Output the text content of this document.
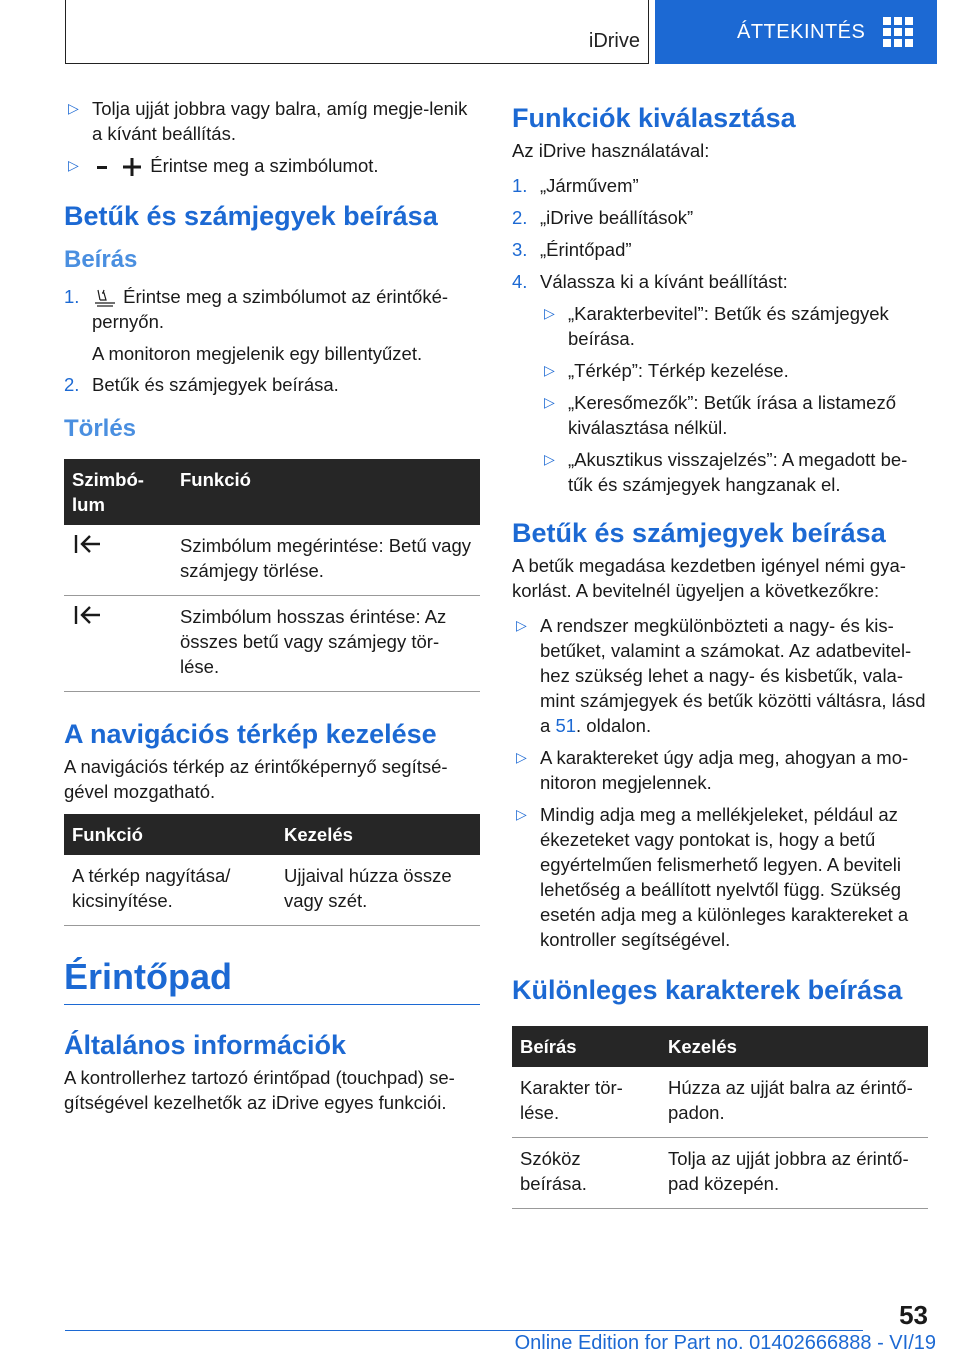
iDrive	ÁTTEKINTÉS
▷ Tolja ujját jobbra vagy balra, amíg megje-lenik a kívánt beállítás.
▷	Érintse meg a szimbólumot.
Betűk és számjegyek beírása
Beírás
1.	Érintse meg a szimbólumot az érintőké-pernyőn.

A monitoron megjelenik egy billentyűzet.

2. Betűk és számjegyek beírása.
Törlés
Szimbó-lum	Funkció
	Szimbólum megérintése: Betű vagy számjegy törlése.
	Szimbólum hosszas érintése: Az összes betű vagy számjegy tör-lése.
A navigációs térkép kezelése

A navigációs térkép az érintőképernyő segítsé-gével mozgatható.

Funkció	Kezelés
A térkép nagyítása/ kicsinyítése.	Ujjaival húzza össze vagy szét.
Érintőpad
Általános információk

A kontrollerhez tartozó érintőpad (touchpad) se-gítségével kezelhetők az iDrive egyes funkciói.

Funkciók kiválasztása

Az iDrive használatával:

1. „Járművem”
2. „iDrive beállítások”
3. „Érintőpad”
4. Válassza ki a kívánt beállítást:
▷ „Karakterbevitel”: Betűk és számjegyek beírása.
▷ „Térkép”: Térkép kezelése.
▷ „Keresőmezők”: Betűk írása a listamező kiválasztása nélkül.
▷ „Akusztikus visszajelzés”: A megadott be-tűk és számjegyek hangzanak el.
Betűk és számjegyek beírása

A betűk megadása kezdetben igényel némi gya-korlást. A bevitelnél ügyeljen a következőkre:

▷ A rendszer megkülönbözteti a nagy- és kis-betűket, valamint a számokat. Az adatbevitel-hez szükség lehet a nagy- és kisbetűk, vala-mint számjegyek és betűk közötti váltásra, lásd a 51. oldalon.
▷ A karaktereket úgy adja meg, ahogyan a mo-nitoron megjelennek.
▷ Mindig adja meg a mellékjeleket, például az ékezeteket vagy pontokat is, hogy a betű egyértelműen felismerhető legyen. A beviteli lehetőség a beállított nyelvtől függ. Szükség esetén adja meg a különleges karaktereket a kontroller segítségével.
Különleges karakterek beírása
Beírás	Kezelés
Karakter tör-lése.	Húzza az ujját balra az érintő-padon.
Szóköz beírása.	Tolja az ujját jobbra az érintő-pad közepén.
53
Online Edition for Part no. 01402666888 - VI/19
